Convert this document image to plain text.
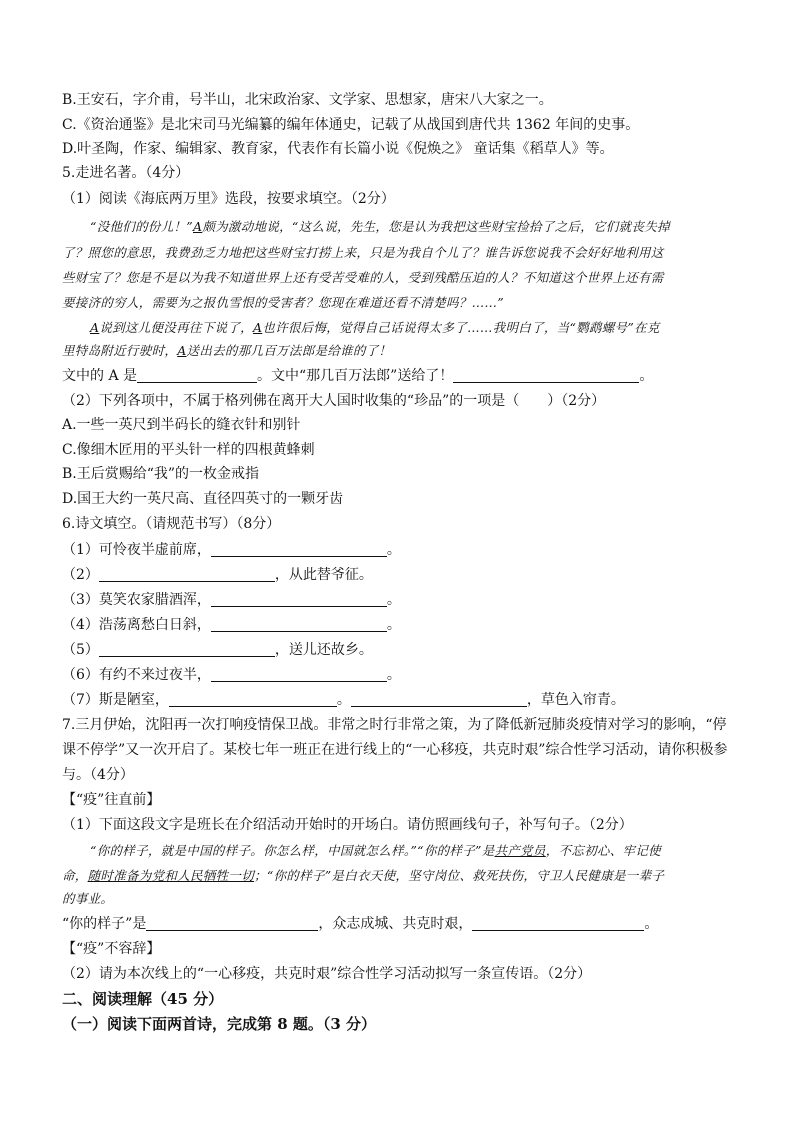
B.王安石，字介甫，号半山，北宋政治家、文学家、思想家，唐宋八大家之一。
C.《资治通鉴》是北宋司马光编纂的编年体通史，记载了从战国到唐代共 1362 年间的史事。
D.叶圣陶，作家、编辑家、教育家，代表作有长篇小说《倪焕之》 童话集《稻草人》等。
5.走进名著。（4分）
（1）阅读《海底两万里》选段，按要求填空。（2分）
“没他们的份儿！”A颇为激动地说，“这么说，先生，您是认为我把这些财宝捡拾了之后，它们就丧失掉
了？照您的意思，我费劲乏力地把这些财宝打捞上来，只是为我自个儿了？谁告诉您说我不会好好地利用这
些财宝了？您是不是以为我不知道世界上还有受苦受难的人，受到残酷压迫的人？不知道这个世界上还有需
要接济的穷人，需要为之报仇雪恨的受害者？您现在难道还看不清楚吗？……”
A说到这儿便没再往下说了，A也许很后悔，觉得自己话说得太多了……我明白了，当“鹦鹉螺号”在克
里特岛附近行驶时，A送出去的那几百万法郎是给谁的了！
文中的 A 是	。文中“那几百万法郎”送给了！	。
（2）下列各项中，不属于格列佛在离开大人国时收集的“珍品”的一项是（　　）（2分）
A.一些一英尺到半码长的缝衣针和别针
C.像细木匠用的平头针一样的四根黄蜂刺
B.王后赏赐给“我”的一枚金戒指
D.国王大约一英尺高、直径四英寸的一颗牙齿
6.诗文填空。（请规范书写）（8分）
（1）可怜夜半虚前席，	。
（2）	，从此替爷征。
（3）莫笑农家腊酒浑，	。
（4）浩荡离愁白日斜，	。
（5）	，送儿还故乡。
（6）有约不来过夜半，	。
（7）斯是陋室，	。	，草色入帘青。
7.三月伊始，沈阳再一次打响疫情保卫战。非常之时行非常之策，为了降低新冠肺炎疫情对学习的影响，“停
课不停学”又一次开启了。某校七年一班正在进行线上的“一心移疫，共克时艰”综合性学习活动，请你积极参
与。（4分）
【“疫”往直前】
（1）下面这段文字是班长在介绍活动开始时的开场白。请仿照画线句子，补写句子。（2分）
“你的样子，就是中国的样子。你怎么样，中国就怎么样。”“你的样子”是共产党员，不忘初心、牢记使
命，随时准备为党和人民牺牲一切；“你的样子”是白衣天使，坚守岗位、救死扶伤，守卫人民健康是一辈子
的事业。
“你的样子”是	，众志成城、共克时艰，	。
【“疫”不容辞】
（2）请为本次线上的“一心移疫，共克时艰”综合性学习活动拟写一条宣传语。（2分）
二、阅读理解（45 分）
（一）阅读下面两首诗，完成第 8 题。（3 分）
